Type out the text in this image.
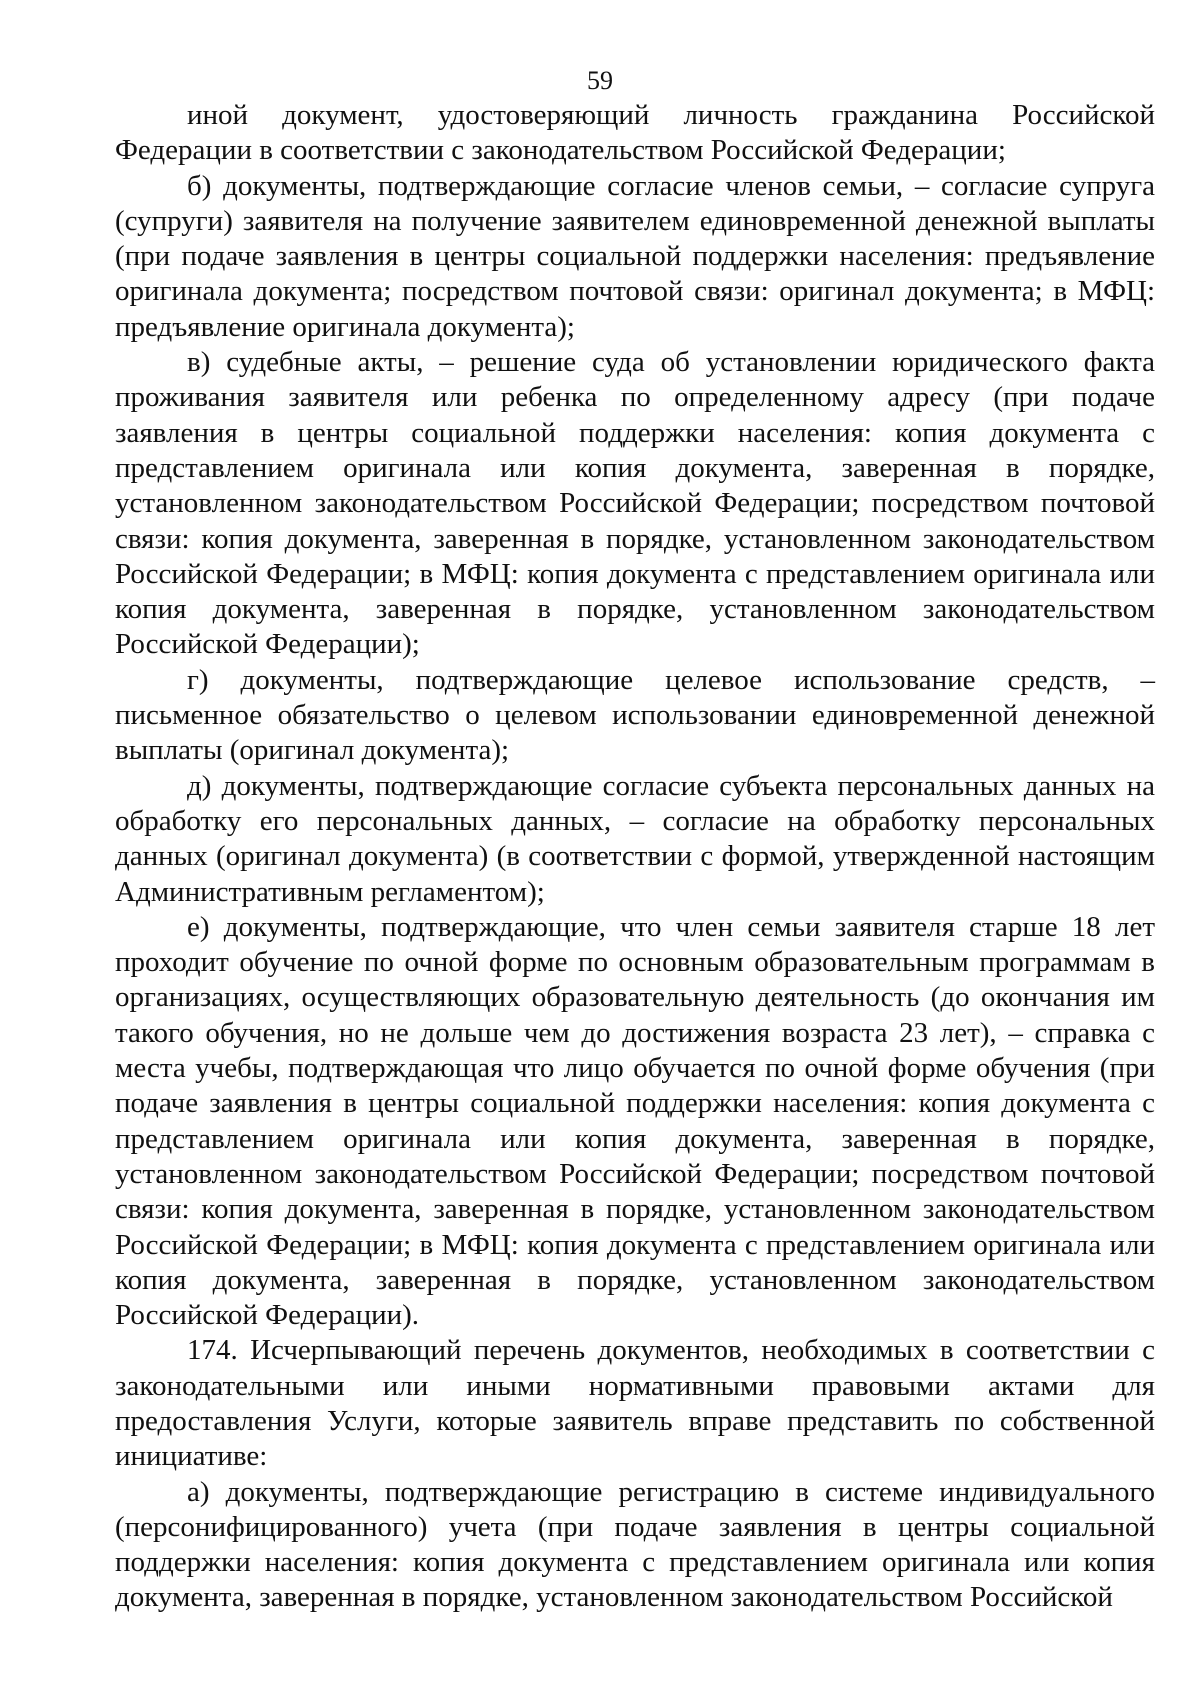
59

иной документ, удостоверяющий личность гражданина Российской Федерации в соответствии с законодательством Российской Федерации;

б) документы, подтверждающие согласие членов семьи, – согласие супруга (супруги) заявителя на получение заявителем единовременной денежной выплаты (при подаче заявления в центры социальной поддержки населения: предъявление оригинала документа; посредством почтовой связи: оригинал документа; в МФЦ: предъявление оригинала документа);

в) судебные акты, – решение суда об установлении юридического факта проживания заявителя или ребенка по определенному адресу (при подаче заявления в центры социальной поддержки населения: копия документа с представлением оригинала или копия документа, заверенная в порядке, установленном законодательством Российской Федерации; посредством почтовой связи: копия документа, заверенная в порядке, установленном законодательством Российской Федерации; в МФЦ: копия документа с представлением оригинала или копия документа, заверенная в порядке, установленном законодательством Российской Федерации);

г) документы, подтверждающие целевое использование средств, – письменное обязательство о целевом использовании единовременной денежной выплаты (оригинал документа);

д) документы, подтверждающие согласие субъекта персональных данных на обработку его персональных данных, – согласие на обработку персональных данных (оригинал документа) (в соответствии с формой, утвержденной настоящим Административным регламентом);

е) документы, подтверждающие, что член семьи заявителя старше 18 лет проходит обучение по очной форме по основным образовательным программам в организациях, осуществляющих образовательную деятельность (до окончания им такого обучения, но не дольше чем до достижения возраста 23 лет), – справка с места учебы, подтверждающая что лицо обучается по очной форме обучения (при подаче заявления в центры социальной поддержки населения: копия документа с представлением оригинала или копия документа, заверенная в порядке, установленном законодательством Российской Федерации; посредством почтовой связи: копия документа, заверенная в порядке, установленном законодательством Российской Федерации; в МФЦ: копия документа с представлением оригинала или копия документа, заверенная в порядке, установленном законодательством Российской Федерации).

174. Исчерпывающий перечень документов, необходимых в соответствии с законодательными или иными нормативными правовыми актами для предоставления Услуги, которые заявитель вправе представить по собственной инициативе:

а) документы, подтверждающие регистрацию в системе индивидуального (персонифицированного) учета (при подаче заявления в центры социальной поддержки населения: копия документа с представлением оригинала или копия документа, заверенная в порядке, установленном законодательством Российской
